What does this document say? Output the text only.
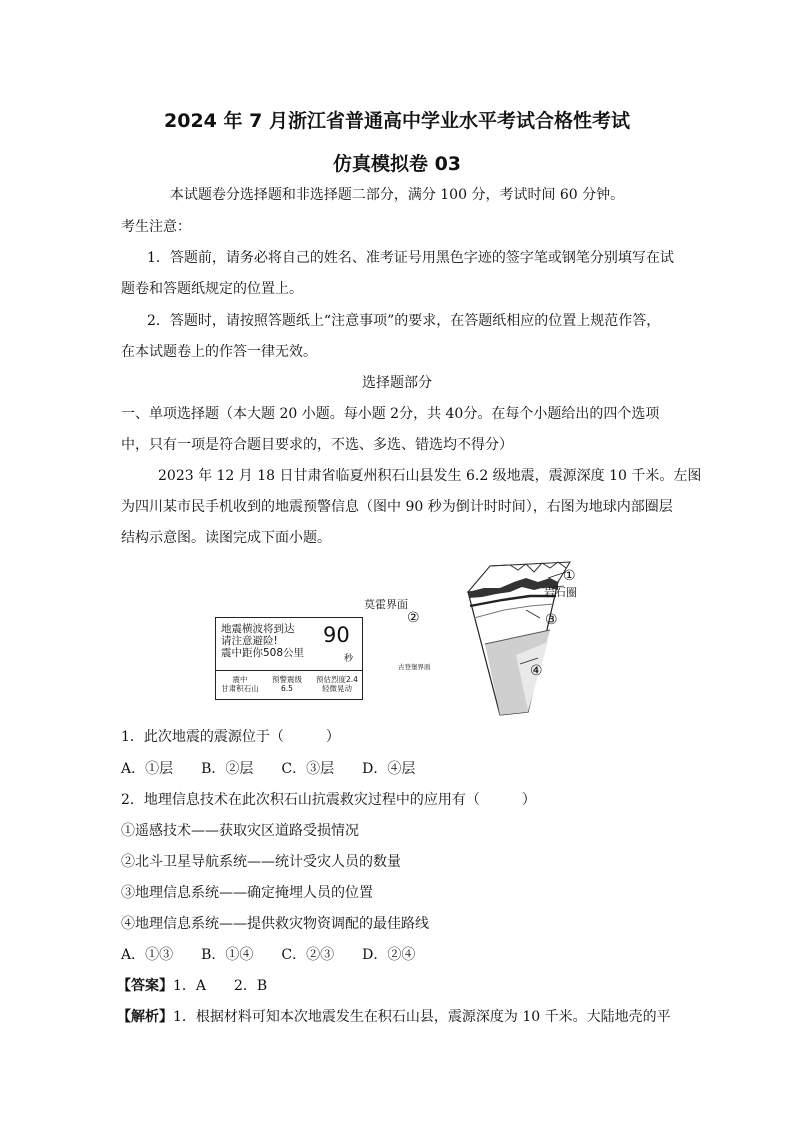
2024 年 7 月浙江省普通高中学业水平考试合格性考试
仿真模拟卷 03
本试题卷分选择题和非选择题二部分，满分 100 分，考试时间 60 分钟。
考生注意：
1．答题前，请务必将自己的姓名、准考证号用黑色字迹的签字笔或钢笔分别填写在试
题卷和答题纸规定的位置上。
2．答题时，请按照答题纸上“注意事项”的要求，在答题纸相应的位置上规范作答，
在本试题卷上的作答一律无效。
选择题部分
一、单项选择题（本大题 20 小题。每小题 2分，共 40分。在每个小题给出的四个选项
中，只有一项是符合题目要求的，不选、多选、错选均不得分）
2023 年 12 月 18 日甘肃省临夏州积石山县发生 6.2 级地震，震源深度 10 千米。左图
为四川某市民手机收到的地震预警信息（图中 90 秒为倒计时时间），右图为地球内部圈层
结构示意图。读图完成下面小题。
地震横波将到达
请注意避险!
震中距你508公里
90
秒
震中
甘肃积石山
预警震级
6.5
预估烈度2.4
轻微晃动
莫霍界面
岩石圈
古登堡界面
①
②	③
④
1．此次地震的震源位于（　　　）
A．①层　　B．②层　　C．③层　　D．④层
2．地理信息技术在此次积石山抗震救灾过程中的应用有（　　　）
①遥感技术——获取灾区道路受损情况
②北斗卫星导航系统——统计受灾人员的数量
③地理信息系统——确定掩埋人员的位置
④地理信息系统——提供救灾物资调配的最佳路线
A．①③　　B．①④　　C．②③　　D．②④
【答案】1．A　　2．B
【解析】1．根据材料可知本次地震发生在积石山县，震源深度为 10 千米。大陆地壳的平
